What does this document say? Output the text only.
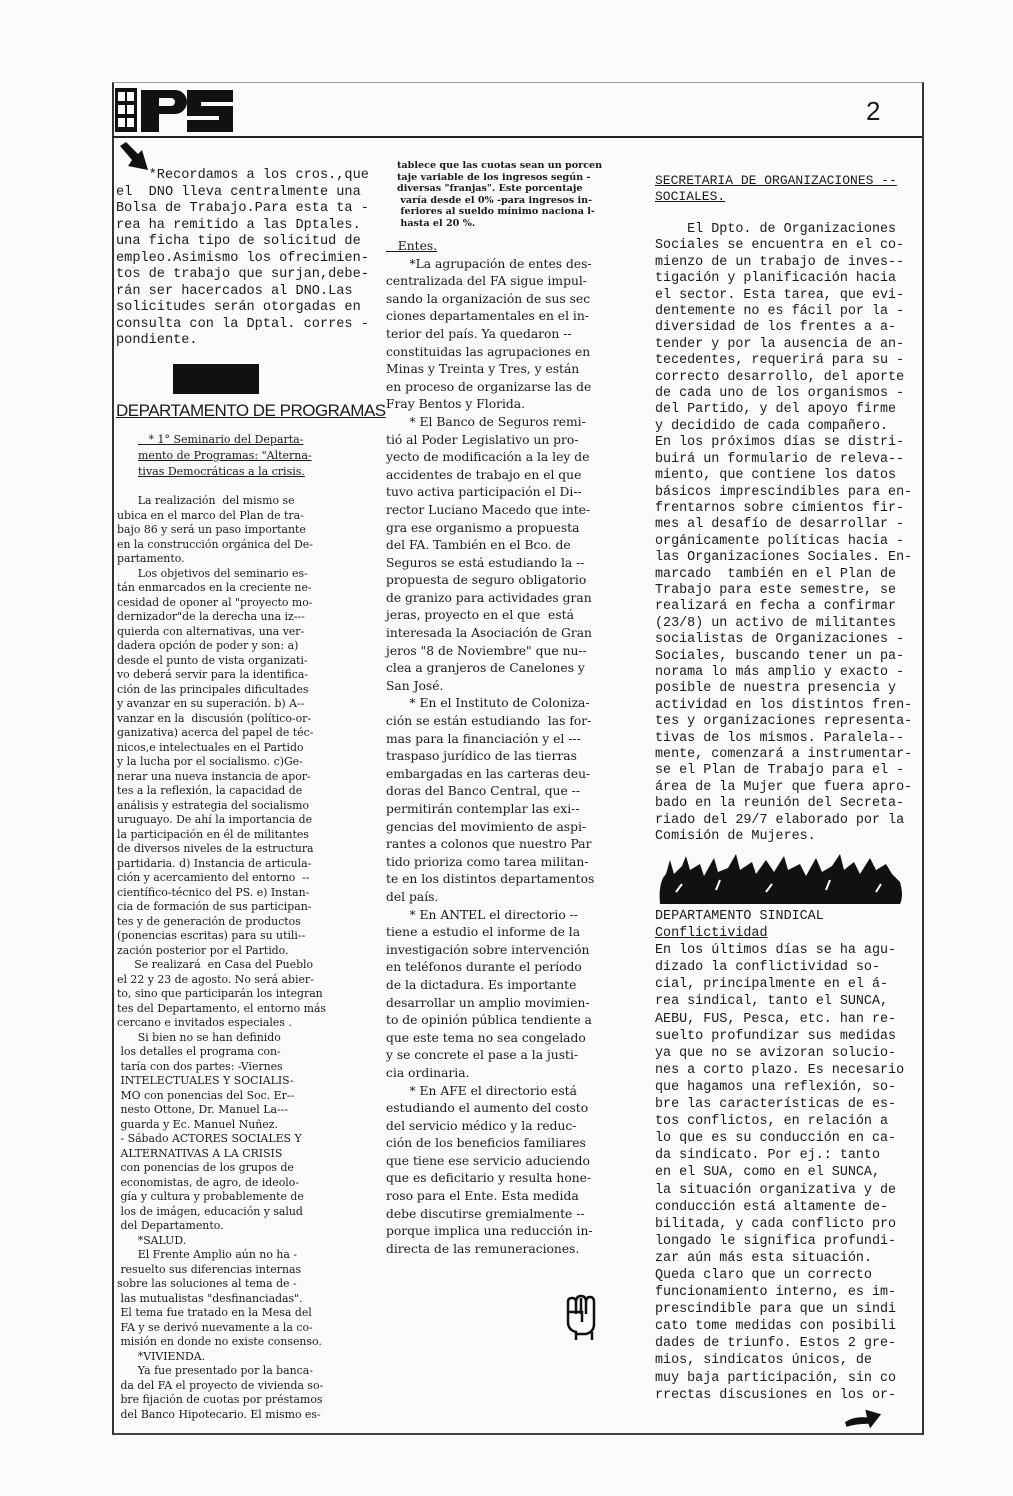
2
*Recordamos a los cros.,que
el  DNO lleva centralmente una
Bolsa de Trabajo.Para esta ta -
rea ha remitido a las Dptales.
una ficha tipo de solicitud de
empleo.Asimismo los ofrecimien-
tos de trabajo que surjan,debe-
rán ser hacercados al DNO.Las
solicitudes serán otorgadas en
consulta con la Dptal. corres -
pondiente.
DEPARTAMENTO DE PROGRAMAS
* 1° Seminario del Departa-
mento de Programas: "Alterna-
tivas Democráticas a la crisis.
La realización  del mismo se
ubica en el marco del Plan de tra-
bajo 86 y será un paso importante
en la construcción orgánica del De-
partamento.
Los objetivos del seminario es-
tán enmarcados en la creciente ne-
cesidad de oponer al "proyecto mo-
dernizador"de la derecha una iz---
quierda con alternativas, una ver-
dadera opción de poder y son: a)
desde el punto de vista organizati-
vo deberá servir para la identifica-
ción de las principales dificultades
y avanzar en su superación. b) A--
vanzar en la  discusión (político-or-
ganizativa) acerca del papel de téc-
nicos,e intelectuales en el Partido
y la lucha por el socialismo. c)Ge-
nerar una nueva instancia de apor-
tes a la reflexión, la capacidad de
análisis y estrategia del socialismo
uruguayo. De ahí la importancia de
la participación en él de militantes
de diversos niveles de la estructura
partidaria. d) Instancia de articula-
ción y acercamiento del entorno  --
científico-técnico del PS. e) Instan-
cia de formación de sus participan-
tes y de generación de productos
(ponencias escritas) para su utili--
zación posterior por el Partido.
Se realizará  en Casa del Pueblo
el 22 y 23 de agosto. No será abier-
to, sino que participarán los integran
tes del Departamento, el entorno más
cercano e invitados especiales .
Si bien no se han definido
los detalles el programa con-
taría con dos partes: -Viernes
INTELECTUALES Y SOCIALIS-
MO con ponencias del Soc. Er--
nesto Ottone, Dr. Manuel La---
guarda y Ec. Manuel Nuñez.
- Sábado ACTORES SOCIALES Y
ALTERNATIVAS A LA CRISIS
con ponencias de los grupos de
economistas, de agro, de ideolo-
gía y cultura y probablemente de
los de imágen, educación y salud
del Departamento.
*SALUD.
El Frente Amplio aún no ha -
resuelto sus diferencias internas
sobre las soluciones al tema de -
las mutualistas "desfinanciadas".
El tema fue tratado en la Mesa del
FA y se derivó nuevamente a la co-
misión en donde no existe consenso.
*VIVIENDA.
Ya fue presentado por la banca-
da del FA el proyecto de vivienda so-
bre fijación de cuotas por préstamos
del Banco Hipotecario. El mismo es-
tablece que las cuotas sean un porcen
taje variable de los ingresos según -
diversas "franjas". Este porcentaje
varía desde el 0% -para ingresos in-
feriores al sueldo mínimo naciona l-
hasta el 20 %.
Entes.
*La agrupación de entes des-
centralizada del FA sigue impul-
sando la organización de sus sec
ciones departamentales en el in-
terior del país. Ya quedaron --
constituidas las agrupaciones en
Minas y Treinta y Tres, y están
en proceso de organizarse las de
Fray Bentos y Florida.
* El Banco de Seguros remi-
tió al Poder Legislativo un pro-
yecto de modificación a la ley de
accidentes de trabajo en el que
tuvo activa participación el Di--
rector Luciano Macedo que inte-
gra ese organismo a propuesta
del FA. También en el Bco. de
Seguros se está estudiando la --
propuesta de seguro obligatorio
de granizo para actividades gran
jeras, proyecto en el que  está
interesada la Asociación de Gran
jeros "8 de Noviembre" que nu--
clea a granjeros de Canelones y
San José.
* En el Instituto de Coloniza-
ción se están estudiando  las for-
mas para la financiación y el ---
traspaso jurídico de las tierras
embargadas en las carteras deu-
doras del Banco Central, que --
permitirán contemplar las exi--
gencias del movimiento de aspi-
rantes a colonos que nuestro Par
tido prioriza como tarea militan-
te en los distintos departamentos
del país.
* En ANTEL el directorio --
tiene a estudio el informe de la
investigación sobre intervención
en teléfonos durante el período
de la dictadura. Es importante
desarrollar un amplio movimien-
to de opinión pública tendiente a
que este tema no sea congelado
y se concrete el pase a la justi-
cia ordinaria.
* En AFE el directorio está
estudiando el aumento del costo
del servicio médico y la reduc-
ción de los beneficios familiares
que tiene ese servicio aduciendo
que es deficitario y resulta hone-
roso para el Ente. Esta medida
debe discutirse gremialmente --
porque implica una reducción in-
directa de las remuneraciones.
SECRETARIA DE ORGANIZACIONES --
SOCIALES.
El Dpto. de Organizaciones
Sociales se encuentra en el co-
mienzo de un trabajo de inves--
tigación y planificación hacia
el sector. Esta tarea, que evi-
dentemente no es fácil por la -
diversidad de los frentes a a-
tender y por la ausencia de an-
tecedentes, requerirá para su -
correcto desarrollo, del aporte
de cada uno de los organismos -
del Partido, y del apoyo firme
y decidido de cada compañero.
En los próximos días se distri-
buirá un formulario de releva--
miento, que contiene los datos
básicos imprescindibles para en-
frentarnos sobre cimientos fir-
mes al desafío de desarrollar -
orgánicamente políticas hacia -
las Organizaciones Sociales. En-
marcado  también en el Plan de
Trabajo para este semestre, se
realizará en fecha a confirmar
(23/8) un activo de militantes
socialistas de Organizaciones -
Sociales, buscando tener un pa-
norama lo más amplio y exacto -
posible de nuestra presencia y
actividad en los distintos fren-
tes y organizaciones representa-
tivas de los mismos. Paralela--
mente, comenzará a instrumentar-
se el Plan de Trabajo para el -
área de la Mujer que fuera apro-
bado en la reunión del Secreta-
riado del 29/7 elaborado por la
Comisión de Mujeres.
DEPARTAMENTO SINDICAL
Conflictividad
En los últimos días se ha agu-
dizado la conflictividad so-
cial, principalmente en el á-
rea sindical, tanto el SUNCA,
AEBU, FUS, Pesca, etc. han re-
suelto profundizar sus medidas
ya que no se avizoran solucio-
nes a corto plazo. Es necesario
que hagamos una reflexión, so-
bre las características de es-
tos conflictos, en relación a
lo que es su conducción en ca-
da sindicato. Por ej.: tanto
en el SUA, como en el SUNCA,
la situación organizativa y de
conducción está altamente de-
bilitada, y cada conflicto pro
longado le significa profundi-
zar aún más esta situación.
Queda claro que un correcto
funcionamiento interno, es im-
prescindible para que un sindi
cato tome medidas con posibili
dades de triunfo. Estos 2 gre-
mios, sindicatos únicos, de
muy baja participación, sin co
rrectas discusiones en los or-
